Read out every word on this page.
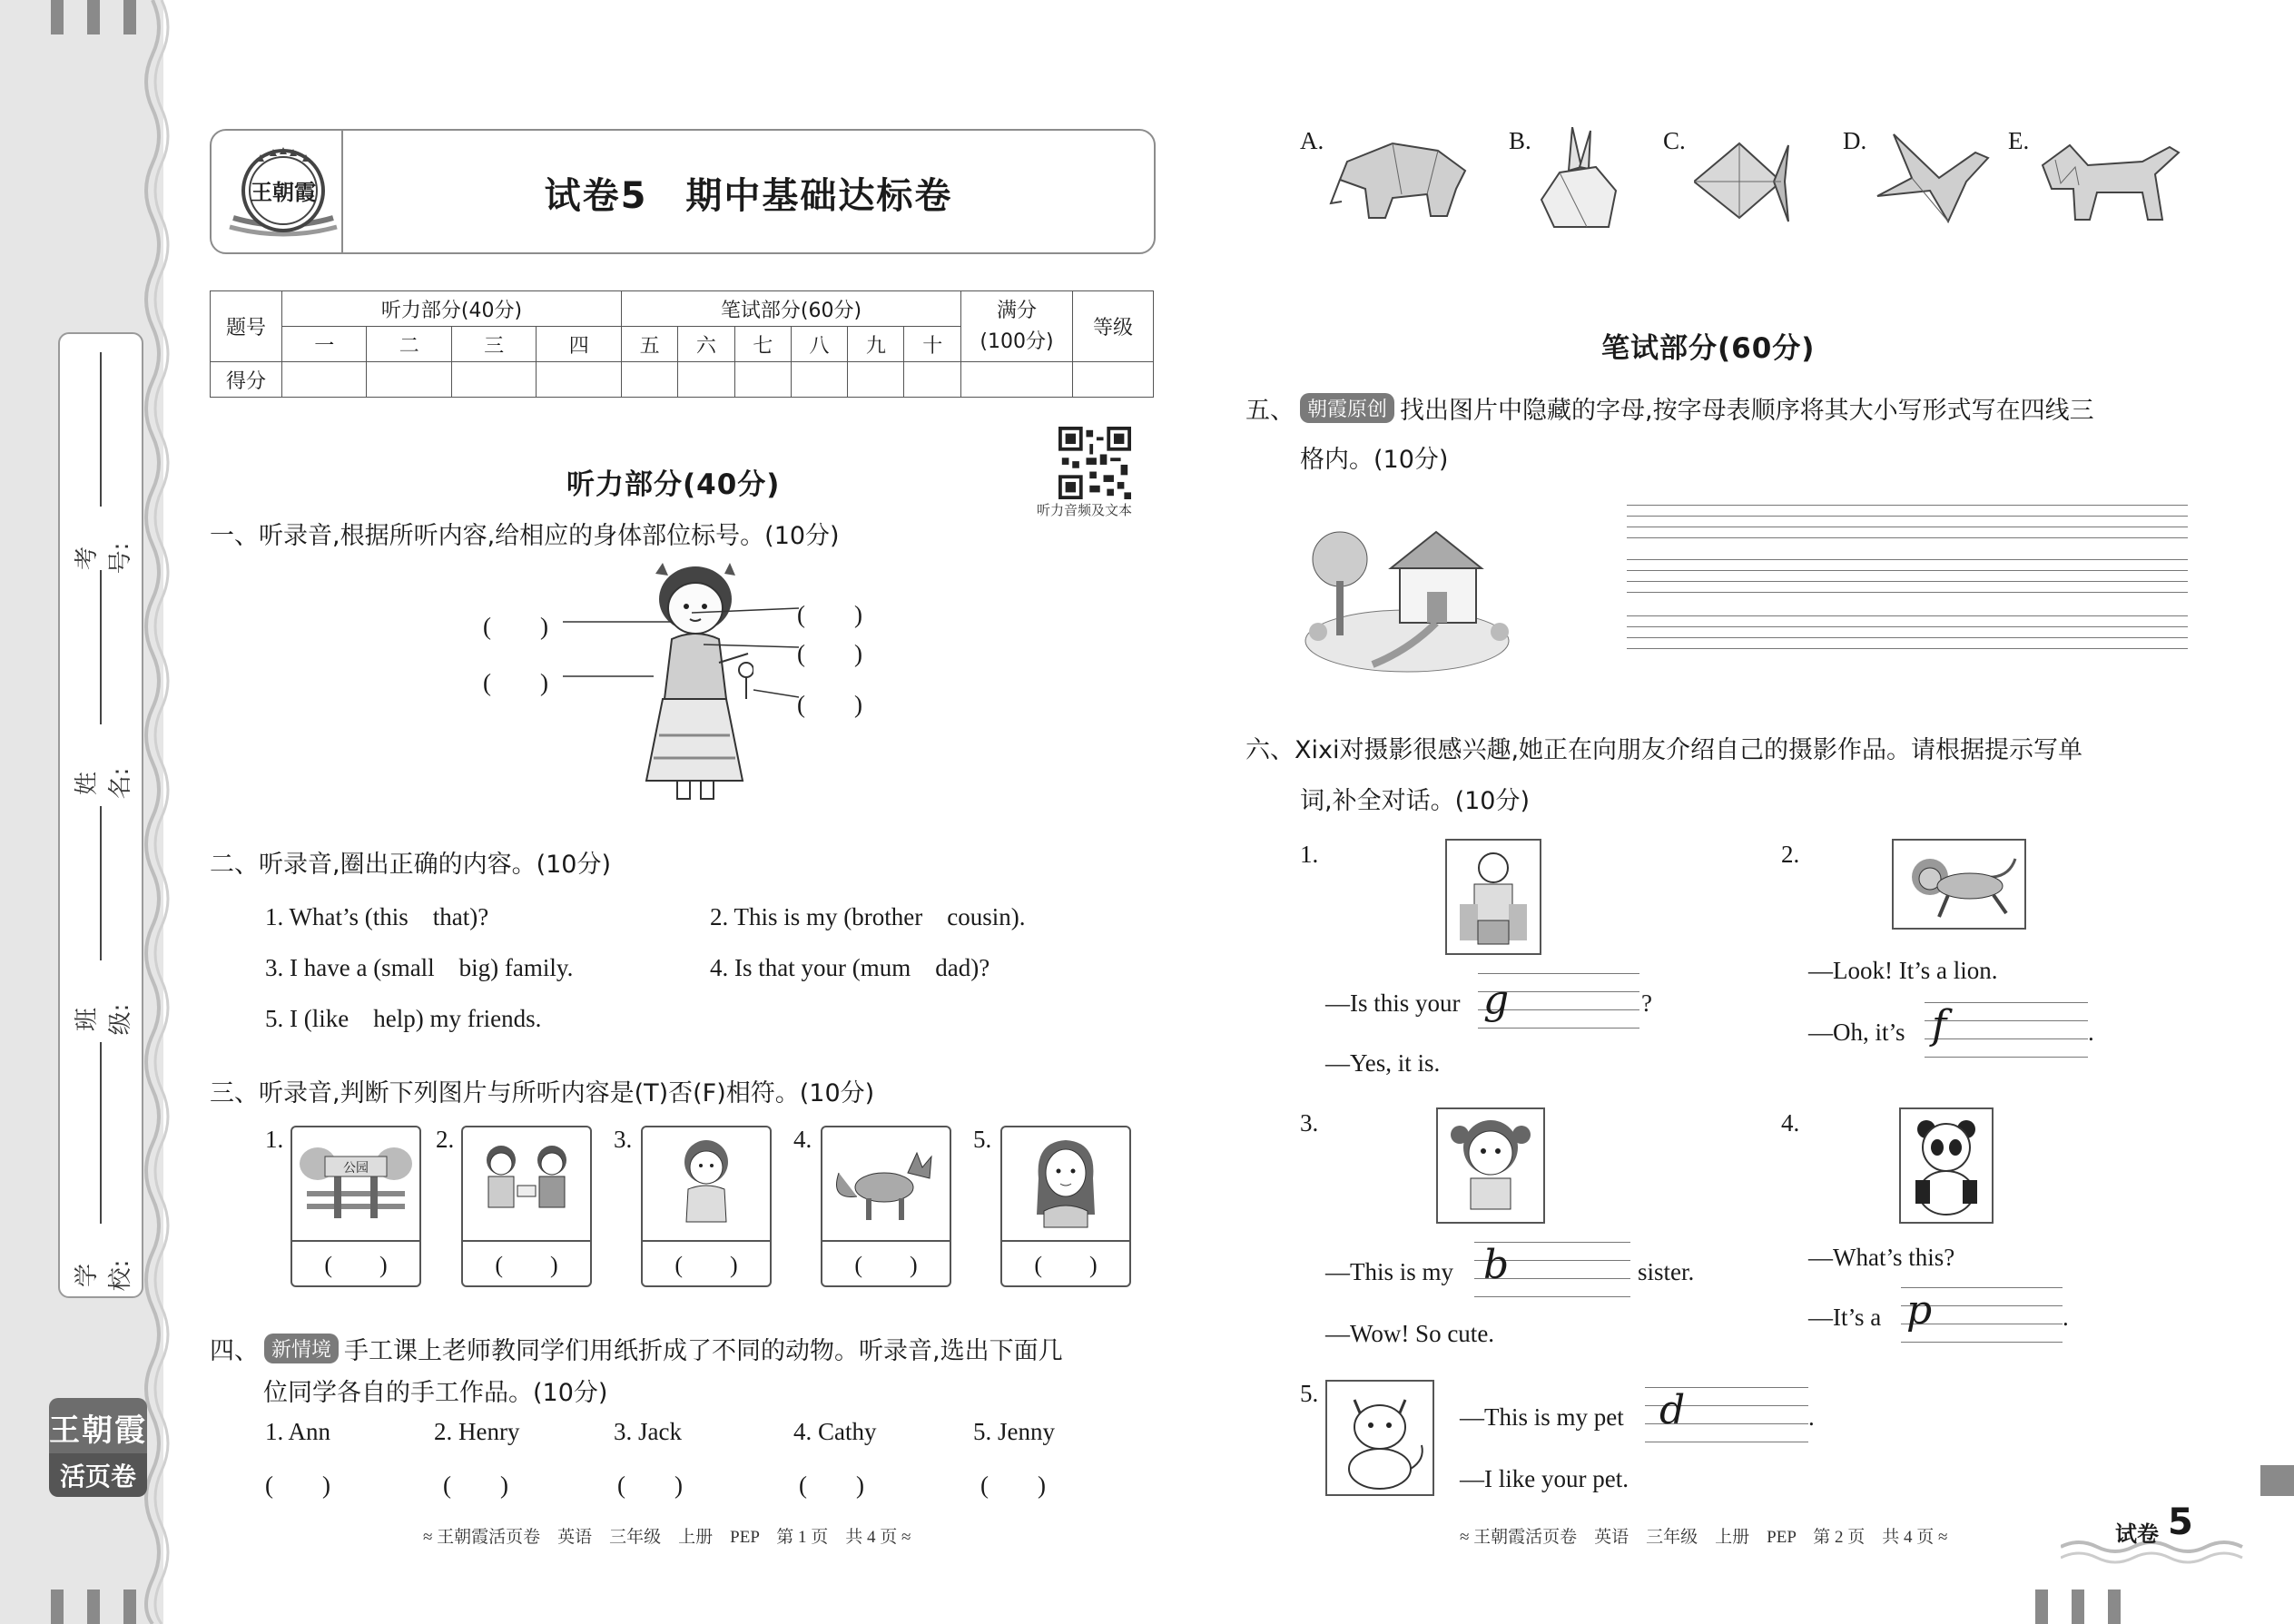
学校:
班级:
姓名:
考号:
王朝霞
活页卷
王朝霞	试卷5　期中基础达标卷
题号	听力部分(40分)				笔试部分(60分)						满分
(100分)	等级
	一	二	三	四	五	六	七	八	九	十		
得分												
听力音频及文本
听力部分(40分)
一、听录音,根据所听内容,给相应的身体部位标号。(10分)
(　　)
(　　)
(　　)
(　　)
(　　)
二、听录音,圈出正确的内容。(10分)
1. What’s (this　that)?	2. This is my (brother　cousin).
3. I have a (small　big) family.	4. Is that your (mum　dad)?
5. I (like　help) my friends.
三、听录音,判断下列图片与所听内容是(T)否(F)相符。(10分)
1.
公园
(　　)
2.
(　　)
3.
(　　)
4.
(　　)
5.
(　　)
四、 新情境 手工课上老师教同学们用纸折成了不同的动物。听录音,选出下面几
位同学各自的手工作品。(10分)
1. Ann	2. Henry	3. Jack	4. Cathy	5. Jenny
(　　)	(　　)	(　　)	(　　)	(　　)
≈ 王朝霞活页卷　英语　三年级　上册　PEP　第 1 页　共 4 页 ≈
A.	B.	C.	D.	E.
笔试部分(60分)
五、 朝霞原创 找出图片中隐藏的字母,按字母表顺序将其大小写形式写在四线三
格内。(10分)
六、Xixi对摄影很感兴趣,她正在向朋友介绍自己的摄影作品。请根据提示写单
词,补全对话。(10分)
1.
—Is this your g	?
—Yes, it is.
2.
—Look! It’s a lion.
—Oh, it’s f	.
3.
—This is my b	sister.
—Wow! So cute.
4.
—What’s this?
—It’s a p	.
5.
—This is my pet d	.
—I like your pet.
≈ 王朝霞活页卷　英语　三年级　上册　PEP　第 2 页　共 4 页 ≈	试卷 5
